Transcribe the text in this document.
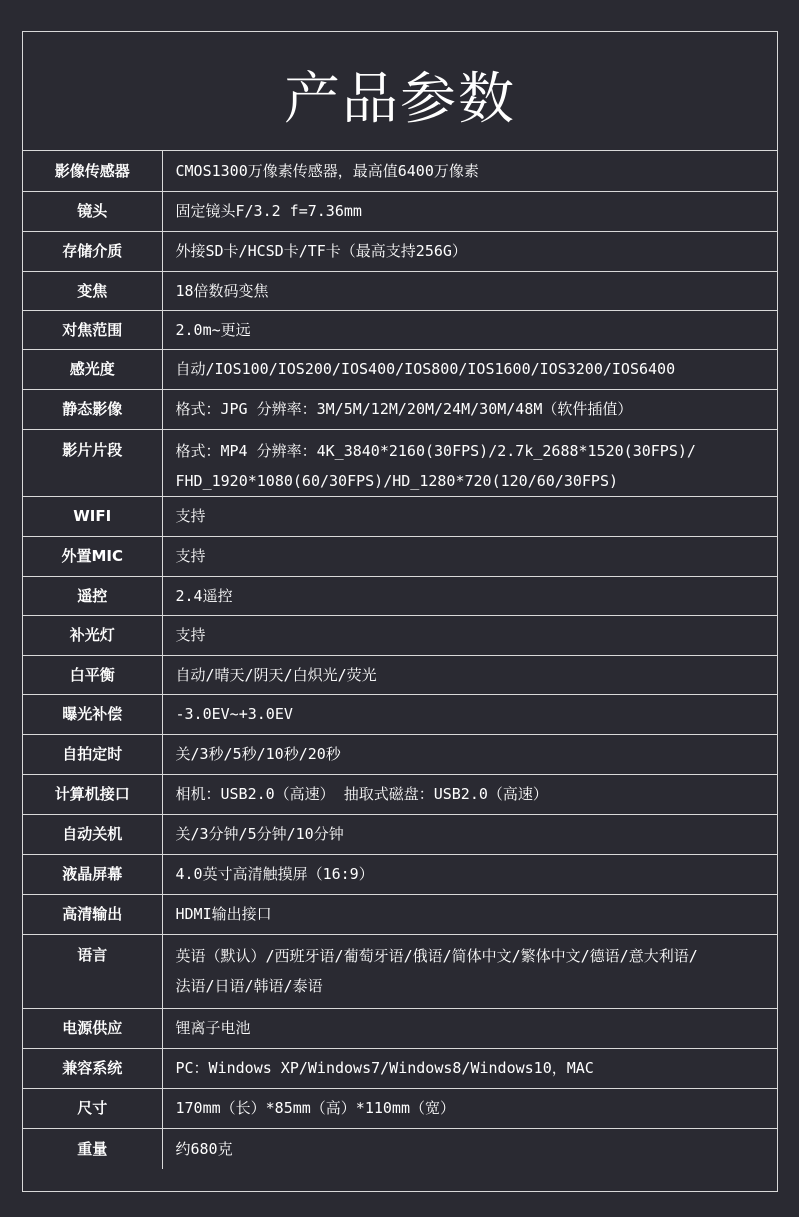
产品参数
影像传感器	CMOS1300万像素传感器，最高值6400万像素
镜头	固定镜头F/3.2 f=7.36mm
存储介质	外接SD卡/HCSD卡/TF卡（最高支持256G）
变焦	18倍数码变焦
对焦范围	2.0m~更远
感光度	自动/IOS100/IOS200/IOS400/IOS800/IOS1600/IOS3200/IOS6400
静态影像	格式：JPG 分辨率：3M/5M/12M/20M/24M/30M/48M（软件插值）
影片片段	格式：MP4 分辨率：4K_3840*2160(30FPS)/2.7k_2688*1520(30FPS)/
FHD_1920*1080(60/30FPS)/HD_1280*720(120/60/30FPS)

WIFI	支持
外置MIC	支持
遥控	2.4遥控
补光灯	支持
白平衡	自动/晴天/阴天/白炽光/荧光
曝光补偿	-3.0EV~+3.0EV
自拍定时	关/3秒/5秒/10秒/20秒
计算机接口	相机：USB2.0（高速） 抽取式磁盘：USB2.0（高速）
自动关机	关/3分钟/5分钟/10分钟
液晶屏幕	4.0英寸高清触摸屏（16:9）
高清输出	HDMI输出接口
语言	英语（默认）/西班牙语/葡萄牙语/俄语/简体中文/繁体中文/德语/意大利语/
法语/日语/韩语/泰语

电源供应	锂离子电池
兼容系统	PC：Windows XP/Windows7/Windows8/Windows10，MAC
尺寸	170mm（长）*85mm（高）*110mm（宽）
重量	约680克
